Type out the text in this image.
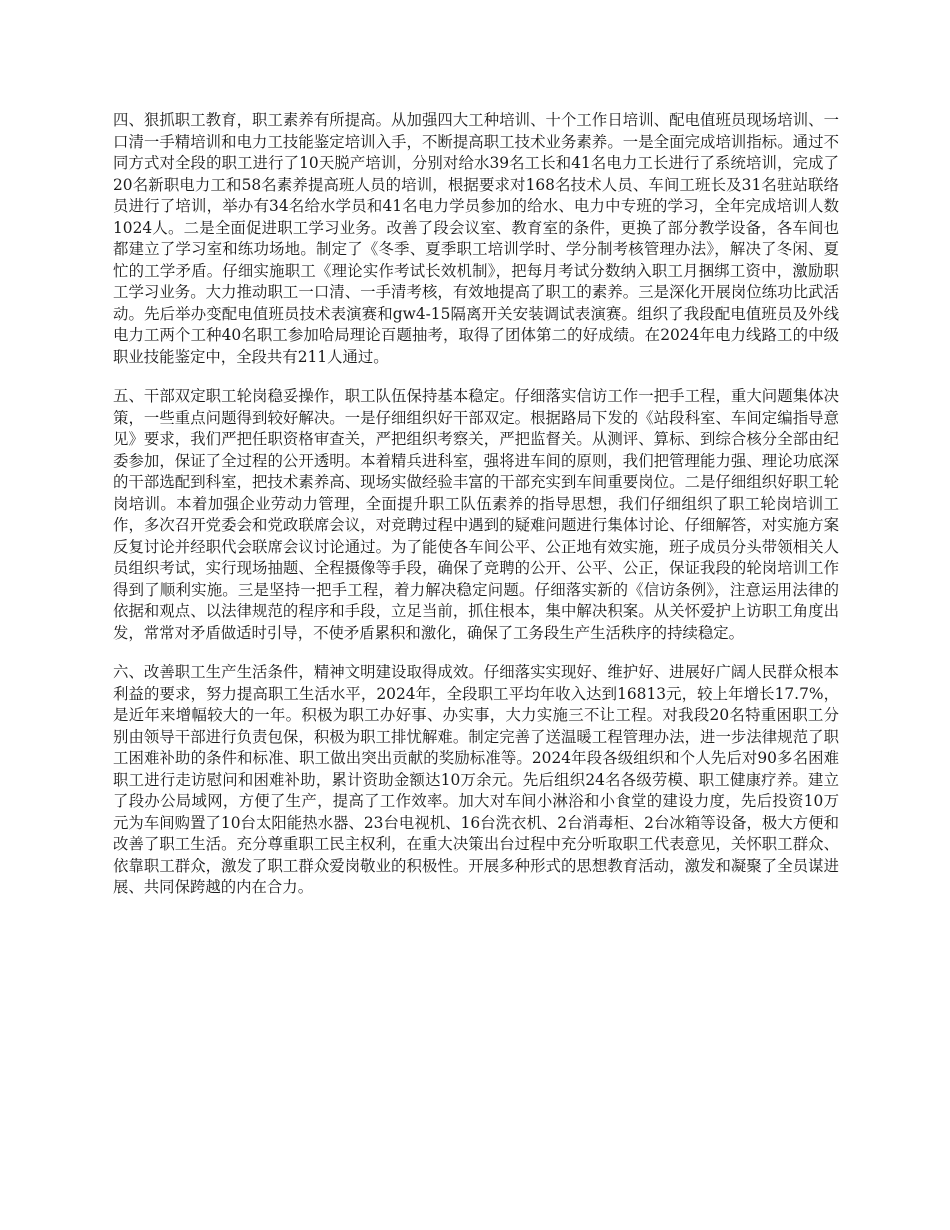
四、狠抓职工教育，职工素养有所提高。从加强四大工种培训、十个工作日培训、配电值班员现场培训、一口清一手精培训和电力工技能鉴定培训入手，不断提高职工技术业务素养。一是全面完成培训指标。通过不同方式对全段的职工进行了10天脱产培训，分别对给水39名工长和41名电力工长进行了系统培训，完成了20名新职电力工和58名素养提高班人员的培训，根据要求对168名技术人员、车间工班长及31名驻站联络员进行了培训，举办有34名给水学员和41名电力学员参加的给水、电力中专班的学习，全年完成培训人数1024人。二是全面促进职工学习业务。改善了段会议室、教育室的条件，更换了部分教学设备，各车间也都建立了学习室和练功场地。制定了《冬季、夏季职工培训学时、学分制考核管理办法》，解决了冬闲、夏忙的工学矛盾。仔细实施职工《理论实作考试长效机制》，把每月考试分数纳入职工月捆绑工资中，激励职工学习业务。大力推动职工一口清、一手清考核，有效地提高了职工的素养。三是深化开展岗位练功比武活动。先后举办变配电值班员技术表演赛和gw4-15隔离开关安装调试表演赛。组织了我段配电值班员及外线电力工两个工种40名职工参加哈局理论百题抽考，取得了团体第二的好成绩。在2024年电力线路工的中级职业技能鉴定中，全段共有211人通过。

五、干部双定职工轮岗稳妥操作，职工队伍保持基本稳定。仔细落实信访工作一把手工程，重大问题集体决策，一些重点问题得到较好解决。一是仔细组织好干部双定。根据路局下发的《站段科室、车间定编指导意见》要求，我们严把任职资格审查关，严把组织考察关，严把监督关。从测评、算标、到综合核分全部由纪委参加，保证了全过程的公开透明。本着精兵进科室，强将进车间的原则，我们把管理能力强、理论功底深的干部选配到科室，把技术素养高、现场实做经验丰富的干部充实到车间重要岗位。二是仔细组织好职工轮岗培训。本着加强企业劳动力管理，全面提升职工队伍素养的指导思想，我们仔细组织了职工轮岗培训工作，多次召开党委会和党政联席会议，对竞聘过程中遇到的疑难问题进行集体讨论、仔细解答，对实施方案反复讨论并经职代会联席会议讨论通过。为了能使各车间公平、公正地有效实施，班子成员分头带领相关人员组织考试，实行现场抽题、全程摄像等手段，确保了竞聘的公开、公平、公正，保证我段的轮岗培训工作得到了顺利实施。三是坚持一把手工程，着力解决稳定问题。仔细落实新的《信访条例》，注意运用法律的依据和观点、以法律规范的程序和手段，立足当前，抓住根本，集中解决积案。从关怀爱护上访职工角度出发，常常对矛盾做适时引导，不使矛盾累积和激化，确保了工务段生产生活秩序的持续稳定。

六、改善职工生产生活条件，精神文明建设取得成效。仔细落实实现好、维护好、进展好广阔人民群众根本利益的要求，努力提高职工生活水平，2024年，全段职工平均年收入达到16813元，较上年增长17.7%，是近年来增幅较大的一年。积极为职工办好事、办实事，大力实施三不让工程。对我段20名特重困职工分别由领导干部进行负责包保，积极为职工排忧解难。制定完善了送温暖工程管理办法，进一步法律规范了职工困难补助的条件和标准、职工做出突出贡献的奖励标准等。2024年段各级组织和个人先后对90多名困难职工进行走访慰问和困难补助，累计资助金额达10万余元。先后组织24名各级劳模、职工健康疗养。建立了段办公局域网，方便了生产，提高了工作效率。加大对车间小淋浴和小食堂的建设力度，先后投资10万元为车间购置了10台太阳能热水器、23台电视机、16台洗衣机、2台消毒柜、2台冰箱等设备，极大方便和改善了职工生活。充分尊重职工民主权利，在重大决策出台过程中充分听取职工代表意见，关怀职工群众、依靠职工群众，激发了职工群众爱岗敬业的积极性。开展多种形式的思想教育活动，激发和凝聚了全员谋进展、共同保跨越的内在合力。
